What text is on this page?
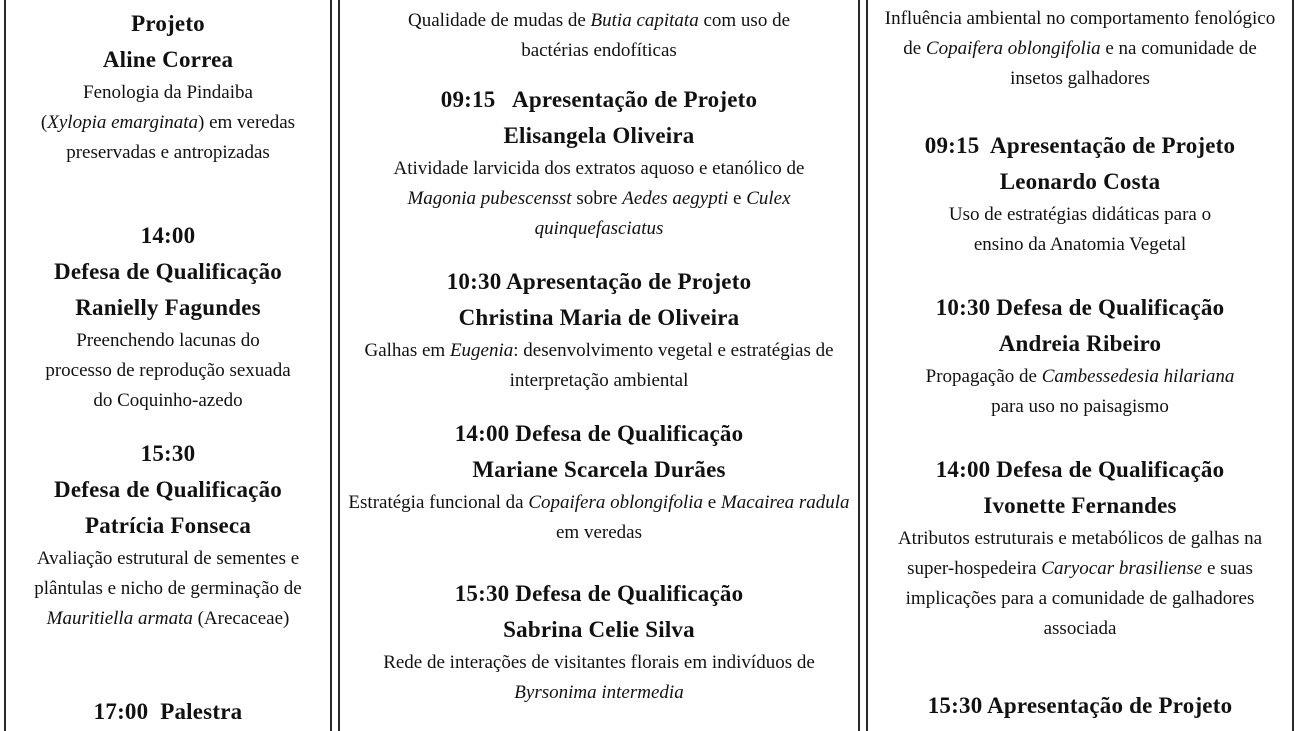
Projeto
Aline Correa
Fenologia da Pindaiba
(Xylopia emarginata) em veredas preservadas e antropizadas
14:00
Defesa de Qualificação
Ranielly Fagundes
Preenchendo lacunas do processo de reprodução sexuada do Coquinho-azedo
15:30
Defesa de Qualificação
Patrícia Fonseca
Avaliação estrutural de sementes e plântulas e nicho de germinação de Mauritiella armata (Arecaceae)
17:00  Palestra
Qualidade de mudas de Butia capitata com uso de bactérias endofíticas
09:15   Apresentação de Projeto
Elisangela Oliveira
Atividade larvicida dos extratos aquoso e etanólico de Magonia pubescensst sobre Aedes aegypti e Culex quinquefasciatus
10:30 Apresentação de Projeto
Christina Maria de Oliveira
Galhas em Eugenia: desenvolvimento vegetal e estratégias de interpretação ambiental
14:00 Defesa de Qualificação
Mariane Scarcela Durães
Estratégia funcional da Copaifera oblongifolia e Macairea radula em veredas
15:30 Defesa de Qualificação
Sabrina Celie Silva
Rede de interações de visitantes florais em indivíduos de Byrsonima intermedia
Influência ambiental no comportamento fenológico de Copaifera oblongifolia e na comunidade de insetos galhadores
09:15  Apresentação de Projeto
Leonardo Costa
Uso de estratégias didáticas para o ensino da Anatomia Vegetal
10:30 Defesa de Qualificação
Andreia Ribeiro
Propagação de Cambessedesia hilariana
para uso no paisagismo
14:00 Defesa de Qualificação
Ivonette Fernandes
Atributos estruturais e metabólicos de galhas na super-hospedeira Caryocar brasiliense e suas implicações para a comunidade de galhadores associada
15:30 Apresentação de Projeto
